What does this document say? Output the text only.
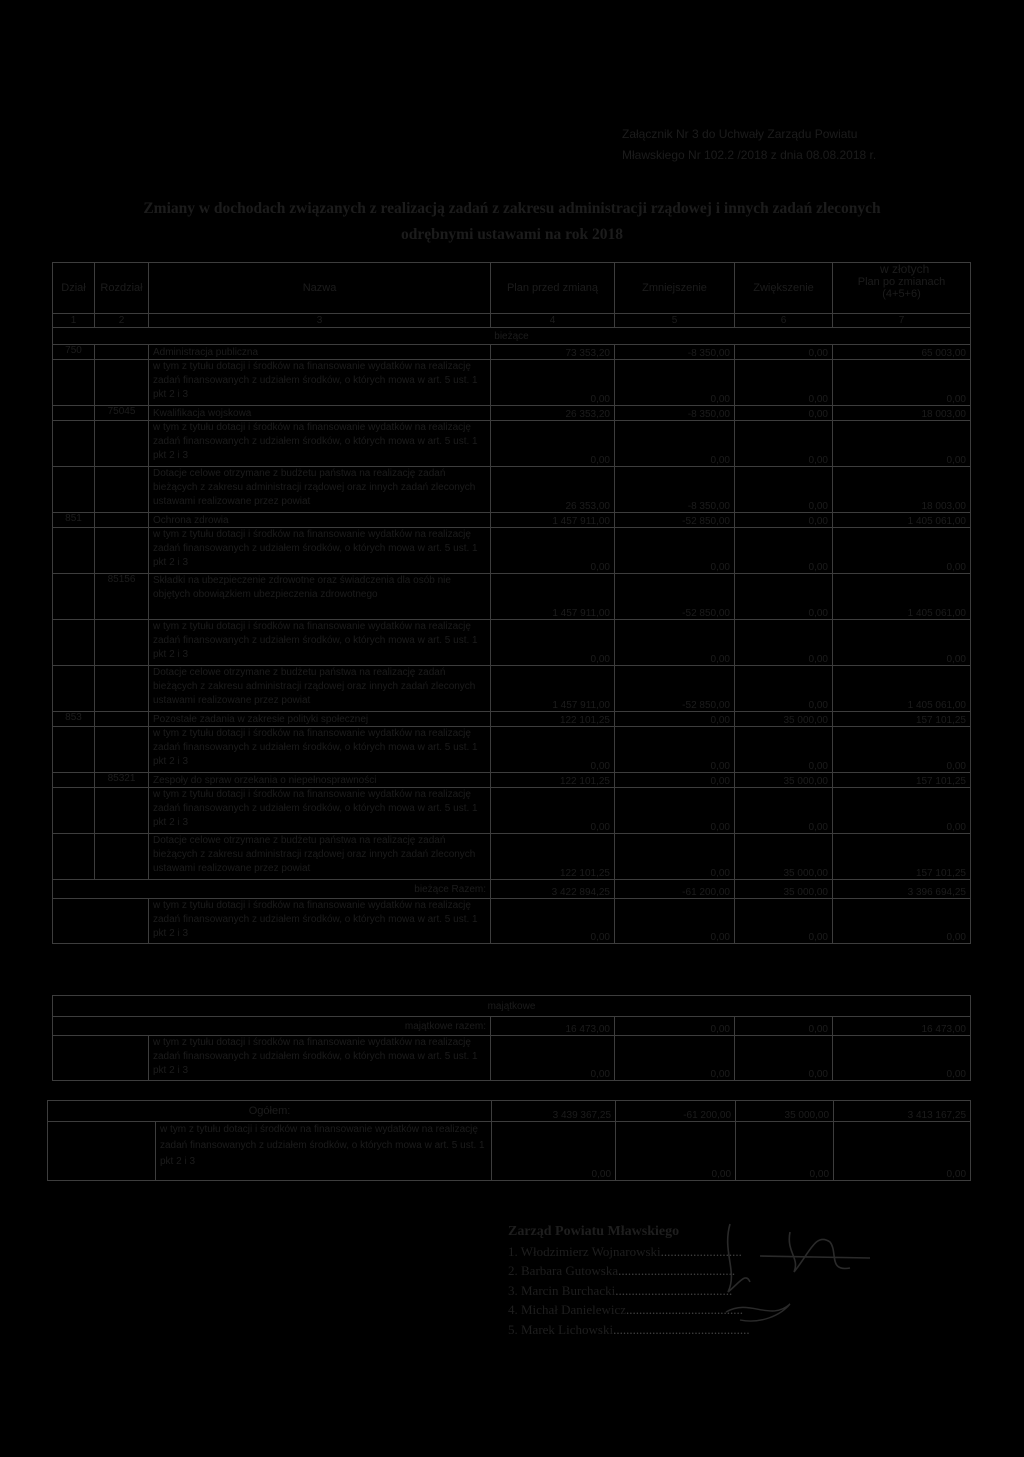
Załącznik Nr 3 do Uchwały Zarządu Powiatu
Mławskiego Nr 102.2 /2018 z dnia 08.08.2018 r.
Zmiany w dochodach związanych z realizacją zadań z zakresu administracji rządowej i innych zadań zleconych
odrębnymi ustawami na rok 2018
w złotych
Dział	Rozdział	Nazwa	Plan przed zmianą	Zmniejszenie	Zwiększenie	Plan po zmianach
(4+5+6)

1	2	3	4	5	6	7
bieżące						
750		Administracja publiczna	73 353,20	-8 350,00	0,00	65 003,00
		w tym z tytułu dotacji i środków na finansowanie wydatków na realizację zadań finansowanych z udziałem środków, o których mowa w art. 5 ust. 1 pkt 2 i 3	0,00	0,00	0,00	0,00
	75045	Kwalifikacja wojskowa	26 353,20	-8 350,00	0,00	18 003,00
		w tym z tytułu dotacji i środków na finansowanie wydatków na realizację zadań finansowanych z udziałem środków, o których mowa w art. 5 ust. 1 pkt 2 i 3	0,00	0,00	0,00	0,00
		Dotacje celowe otrzymane z budżetu państwa na realizację zadań bieżących z zakresu administracji rządowej oraz innych zadań zleconych ustawami realizowane przez powiat	26 353,00	-8 350,00	0,00	18 003,00
851		Ochrona zdrowia	1 457 911,00	-52 850,00	0,00	1 405 061,00
		w tym z tytułu dotacji i środków na finansowanie wydatków na realizację zadań finansowanych z udziałem środków, o których mowa w art. 5 ust. 1 pkt 2 i 3	0,00	0,00	0,00	0,00
	85156	Składki na ubezpieczenie zdrowotne oraz świadczenia dla osób nie objętych obowiązkiem ubezpieczenia zdrowotnego	1 457 911,00	-52 850,00	0,00	1 405 061,00
		w tym z tytułu dotacji i środków na finansowanie wydatków na realizację zadań finansowanych z udziałem środków, o których mowa w art. 5 ust. 1 pkt 2 i 3	0,00	0,00	0,00	0,00
		Dotacje celowe otrzymane z budżetu państwa na realizację zadań bieżących z zakresu administracji rządowej oraz innych zadań zleconych ustawami realizowane przez powiat	1 457 911,00	-52 850,00	0,00	1 405 061,00
853		Pozostałe zadania w zakresie polityki społecznej	122 101,25	0,00	35 000,00	157 101,25
		w tym z tytułu dotacji i środków na finansowanie wydatków na realizację zadań finansowanych z udziałem środków, o których mowa w art. 5 ust. 1 pkt 2 i 3	0,00	0,00	0,00	0,00
	85321	Zespoły do spraw orzekania o niepełnosprawności	122 101,25	0,00	35 000,00	157 101,25
		w tym z tytułu dotacji i środków na finansowanie wydatków na realizację zadań finansowanych z udziałem środków, o których mowa w art. 5 ust. 1 pkt 2 i 3	0,00	0,00	0,00	0,00
		Dotacje celowe otrzymane z budżetu państwa na realizację zadań bieżących z zakresu administracji rządowej oraz innych zadań zleconych ustawami realizowane przez powiat	122 101,25	0,00	35 000,00	157 101,25
bieżące Razem:			3 422 894,25	-61 200,00	35 000,00	3 396 694,25
		w tym z tytułu dotacji i środków na finansowanie wydatków na realizację zadań finansowanych z udziałem środków, o których mowa w art. 5 ust. 1 pkt 2 i 3	0,00	0,00	0,00	0,00
majątkowe					
majątkowe razem:		16 473,00	0,00	0,00	16 473,00
	w tym z tytułu dotacji i środków na finansowanie wydatków na realizację zadań finansowanych z udziałem środków, o których mowa w art. 5 ust. 1 pkt 2 i 3	0,00	0,00	0,00	0,00
Ogółem:		3 439 367,25	-61 200,00	35 000,00	3 413 167,25
	w tym z tytułu dotacji i środków na finansowanie wydatków na realizację zadań finansowanych z udziałem środków, o których mowa w art. 5 ust. 1 pkt 2 i 3	0,00	0,00	0,00	0,00
Zarząd Powiatu Mławskiego
1. Włodzimierz Wojnarowski.........................
2. Barbara Gutowska....................................
3. Marcin Burchacki....................................
4. Michał Danielewicz....................................
5. Marek Lichowski..........................................
